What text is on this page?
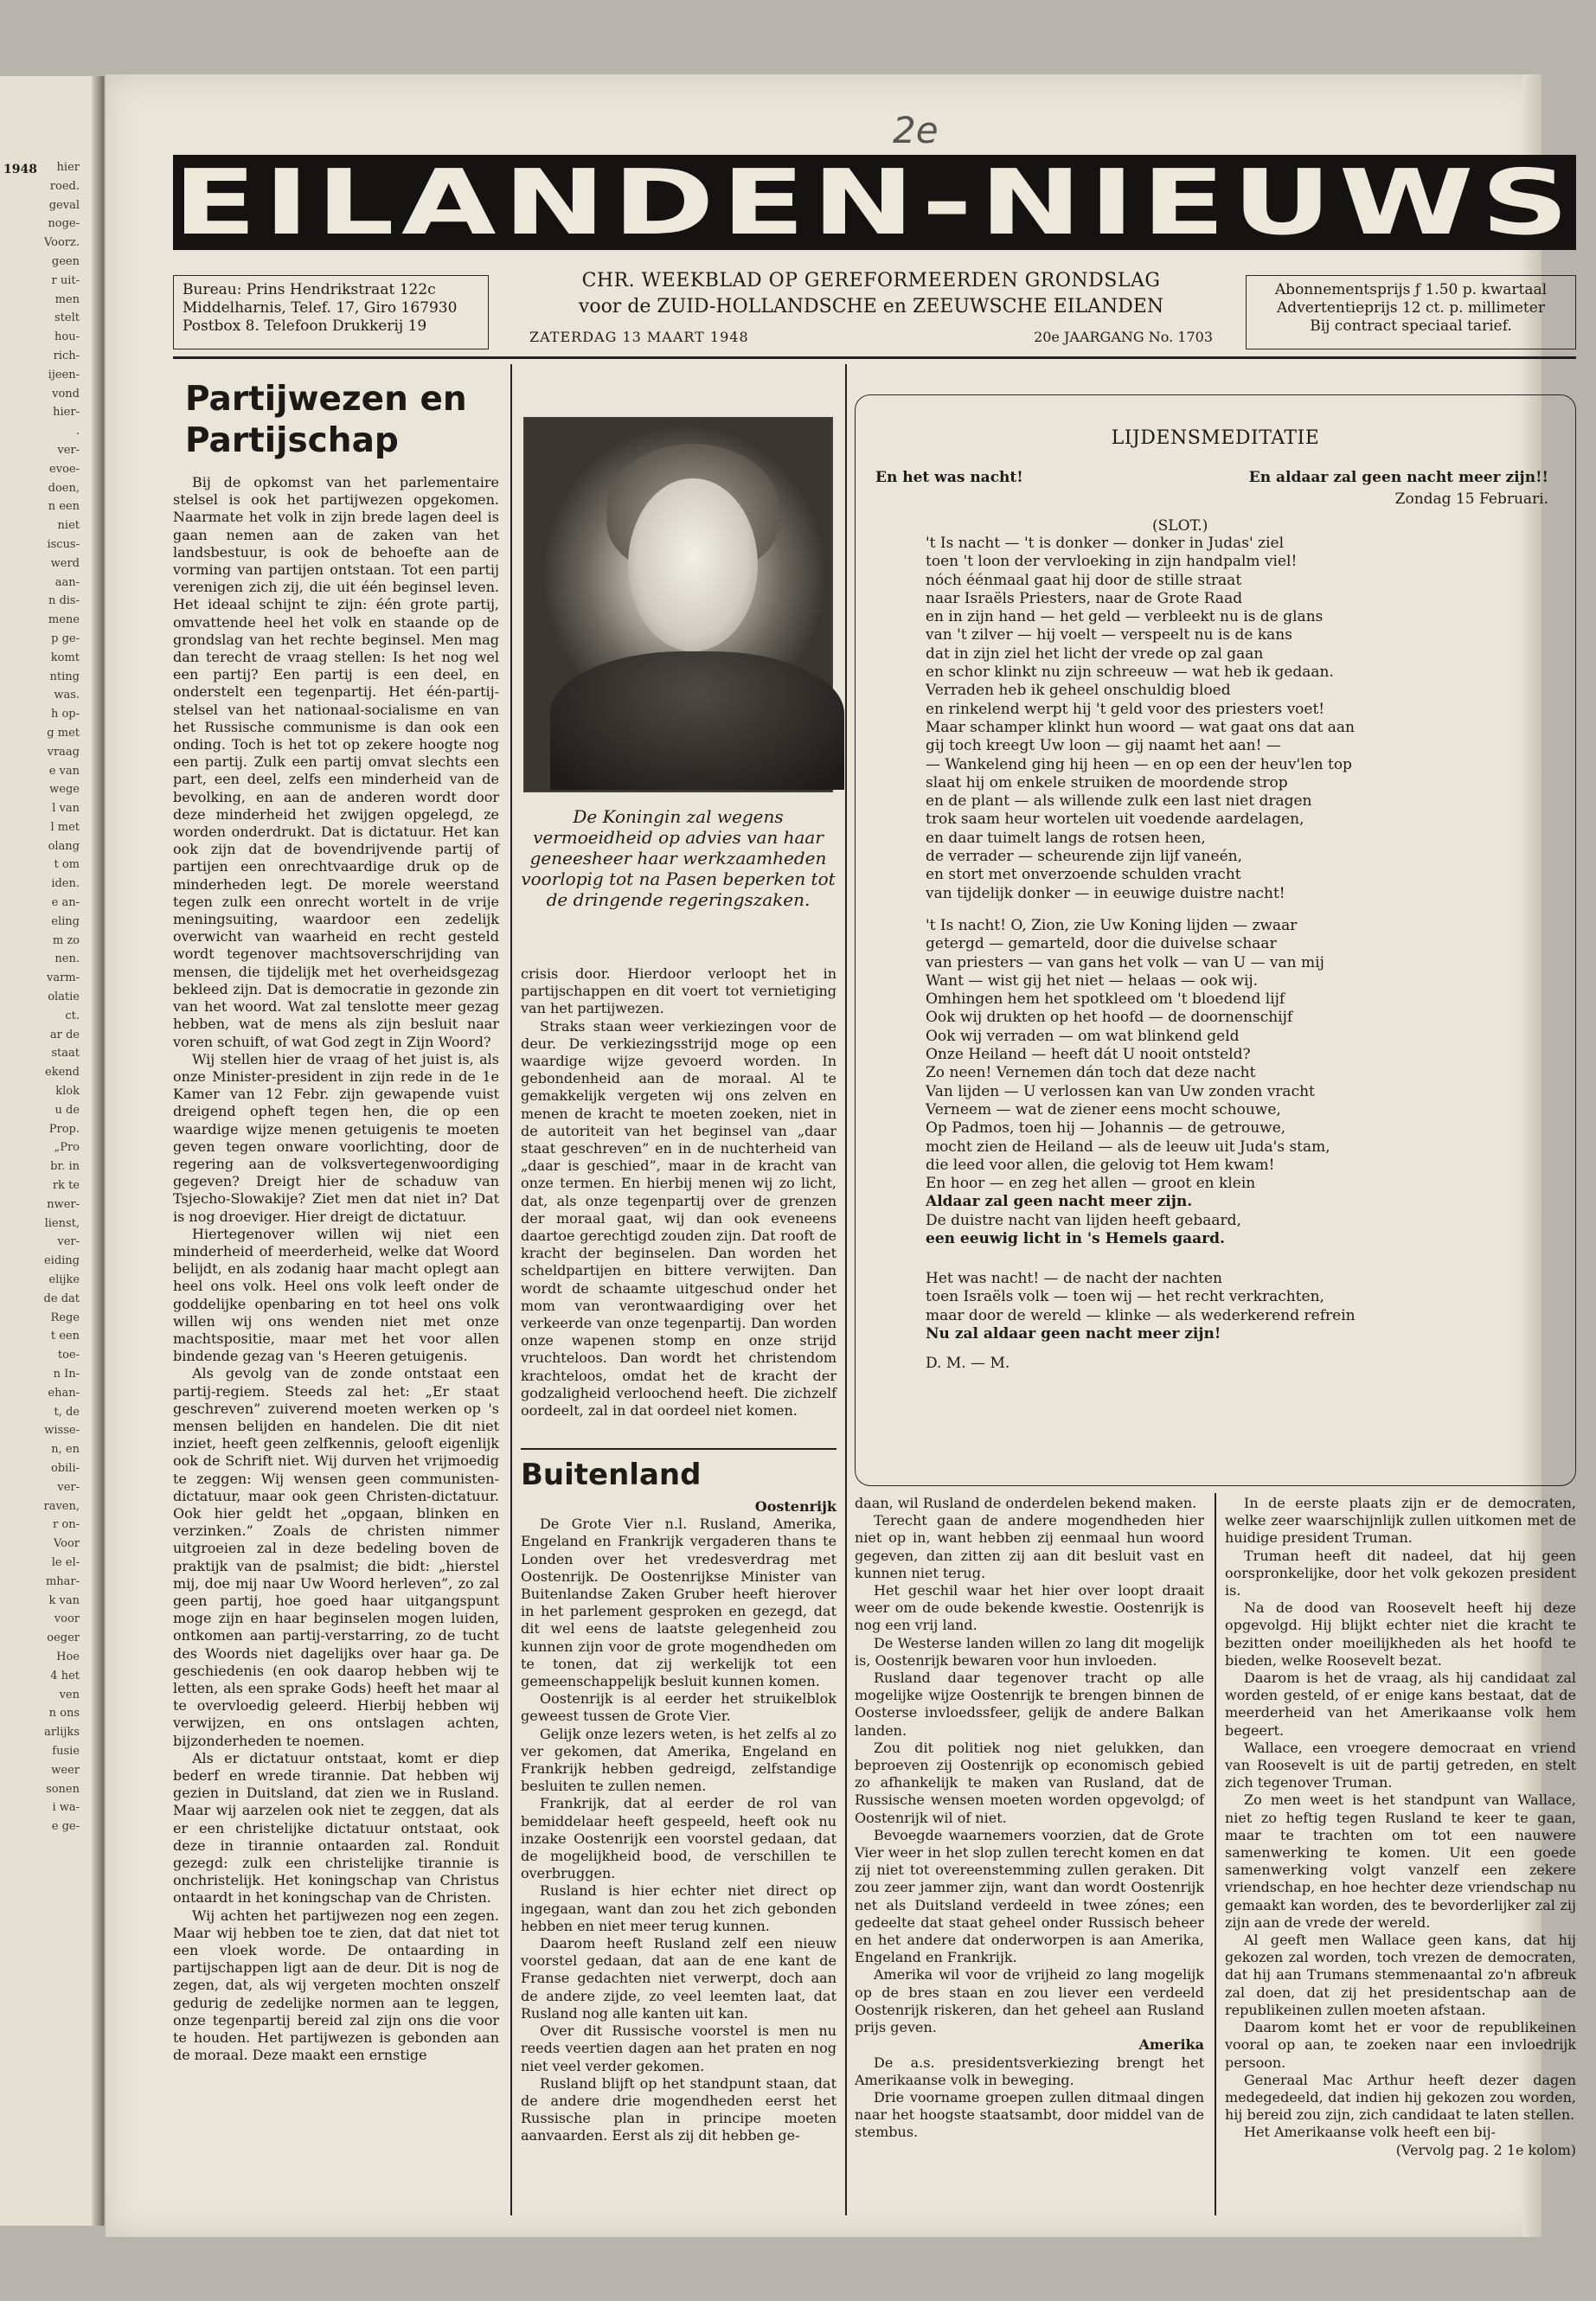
1948	hier
roed.
geval
noge-
Voorz.
geen
r uit-
men
stelt
hou-
rich-
ijeen-
vond
hier-
.
ver-
evoe-
doen,
n een
niet
iscus-
werd
aan-
n dis-
mene
p ge-
komt
nting
was.
h op-
g met
vraag
e van
wege
l van
l met
olang
t om
iden.
e an-
eling
m zo
nen.
varm-
olatie
ct.
ar de
staat
ekend
klok
u de
Prop.
„Pro
br. in
rk te
nwer-
lienst,
ver-
eiding
elijke
de dat
Rege
t een
toe-
n In-
ehan-
t, de
wisse-
n, en
obili-
ver-
raven,
r on-
Voor
le el-
mhar-
k van
voor
oeger
Hoe
4 het
ven
n ons
arlijks
fusie
weer
sonen
i wa-
e ge-
2e
EILANDEN-NIEUWS
Bureau: Prins Hendrikstraat 122c
Middelharnis, Telef. 17, Giro 167930
Postbox 8. Telefoon Drukkerij 19
CHR. WEEKBLAD OP GEREFORMEERDEN GRONDSLAG
voor de ZUID-HOLLANDSCHE en ZEEUWSCHE EILANDEN
ZATERDAG 13 MAART 1948	20e JAARGANG No. 1703
Abonnementsprijs ƒ 1.50 p. kwartaal
Advertentieprijs 12 ct. p. millimeter
Bij contract speciaal tarief.
Partijwezen en
Partijschap

Bij de opkomst van het parlementaire stelsel is ook het partijwezen opgekomen. Naarmate het volk in zijn brede lagen deel is gaan nemen aan de zaken van het landsbestuur, is ook de behoefte aan de vorming van partijen ontstaan. Tot een partij verenigen zich zij, die uit één beginsel leven. Het ideaal schijnt te zijn: één grote partij, omvattende heel het volk en staande op de grondslag van het rechte beginsel. Men mag dan terecht de vraag stellen: Is het nog wel een partij? Een partij is een deel, en onderstelt een tegenpartij. Het één-partij-stelsel van het nationaal-socialisme en van het Russische communisme is dan ook een onding. Toch is het tot op zekere hoogte nog een partij. Zulk een partij omvat slechts een part, een deel, zelfs een minderheid van de bevolking, en aan de anderen wordt door deze minderheid het zwijgen opgelegd, ze worden onderdrukt. Dat is dictatuur. Het kan ook zijn dat de bovendrijvende partij of partijen een onrechtvaardige druk op de minderheden legt. De morele weerstand tegen zulk een onrecht wortelt in de vrije meningsuiting, waardoor een zedelijk overwicht van waarheid en recht gesteld wordt tegenover machtsoverschrijding van mensen, die tijdelijk met het overheidsgezag bekleed zijn. Dat is democratie in gezonde zin van het woord. Wat zal tenslotte meer gezag hebben, wat de mens als zijn besluit naar voren schuift, of wat God zegt in Zijn Woord?

Wij stellen hier de vraag of het juist is, als onze Minister-president in zijn rede in de 1e Kamer van 12 Febr. zijn gewapende vuist dreigend opheft tegen hen, die op een waardige wijze menen getuigenis te moeten geven tegen onware voorlichting, door de regering aan de volksvertegenwoordiging gegeven? Dreigt hier de schaduw van Tsjecho-Slowakije? Ziet men dat niet in? Dat is nog droeviger. Hier dreigt de dictatuur.

Hiertegenover willen wij niet een minderheid of meerderheid, welke dat Woord belijdt, en als zodanig haar macht oplegt aan heel ons volk. Heel ons volk leeft onder de goddelijke openbaring en tot heel ons volk willen wij ons wenden niet met onze machtspositie, maar met het voor allen bindende gezag van 's Heeren getuigenis.

Als gevolg van de zonde ontstaat een partij-regiem. Steeds zal het: „Er staat geschreven” zuiverend moeten werken op 's mensen belijden en handelen. Die dit niet inziet, heeft geen zelfkennis, gelooft eigenlijk ook de Schrift niet. Wij durven het vrijmoedig te zeggen: Wij wensen geen communisten-dictatuur, maar ook geen Christen-dictatuur. Ook hier geldt het „opgaan, blinken en verzinken.” Zoals de christen nimmer uitgroeien zal in deze bedeling boven de praktijk van de psalmist; die bidt: „hierstel mij, doe mij naar Uw Woord herleven”, zo zal geen partij, hoe goed haar uitgangspunt moge zijn en haar beginselen mogen luiden, ontkomen aan partij-verstarring, zo de tucht des Woords niet dagelijks over haar ga. De geschiedenis (en ook daarop hebben wij te letten, als een sprake Gods) heeft het maar al te overvloedig geleerd. Hierbij hebben wij verwijzen, en ons ontslagen achten, bijzonderheden te noemen.

Als er dictatuur ontstaat, komt er diep bederf en wrede tirannie. Dat hebben wij gezien in Duitsland, dat zien we in Rusland. Maar wij aarzelen ook niet te zeggen, dat als er een christelijke dictatuur ontstaat, ook deze in tirannie ontaarden zal. Ronduit gezegd: zulk een christelijke tirannie is onchristelijk. Het koningschap van Christus ontaardt in het koningschap van de Christen.

Wij achten het partijwezen nog een zegen. Maar wij hebben toe te zien, dat dat niet tot een vloek worde. De ontaarding in partijschappen ligt aan de deur. Dit is nog de zegen, dat, als wij vergeten mochten onszelf gedurig de zedelijke normen aan te leggen, onze tegenpartij bereid zal zijn ons die voor te houden. Het partijwezen is gebonden aan de moraal. Deze maakt een ernstige

De Koningin zal wegens vermoeidheid op advies van haar geneesheer haar werkzaamheden voorlopig tot na Pasen beperken tot de dringende regeringszaken.

crisis door. Hierdoor verloopt het in partijschappen en dit voert tot vernietiging van het partijwezen.

Straks staan weer verkiezingen voor de deur. De verkiezingsstrijd moge op een waardige wijze gevoerd worden. In gebondenheid aan de moraal. Al te gemakkelijk vergeten wij ons zelven en menen de kracht te moeten zoeken, niet in de autoriteit van het beginsel van „daar staat geschreven” en in de nuchterheid van „daar is geschied”, maar in de kracht van onze termen. En hierbij menen wij zo licht, dat, als onze tegenpartij over de grenzen der moraal gaat, wij dan ook eveneens daartoe gerechtigd zouden zijn. Dat rooft de kracht der beginselen. Dan worden het scheldpartijen en bittere verwijten. Dan wordt de schaamte uitgeschud onder het mom van verontwaardiging over het verkeerde van onze tegenpartij. Dan worden onze wapenen stomp en onze strijd vruchteloos. Dan wordt het christendom krachteloos, omdat het de kracht der godzaligheid verloochend heeft. Die zichzelf oordeelt, zal in dat oordeel niet komen.

Buitenland

Oostenrijk

De Grote Vier n.l. Rusland, Amerika, Engeland en Frankrijk vergaderen thans te Londen over het vredesverdrag met Oostenrijk. De Oostenrijkse Minister van Buitenlandse Zaken Gruber heeft hierover in het parlement gesproken en gezegd, dat dit wel eens de laatste gelegenheid zou kunnen zijn voor de grote mogendheden om te tonen, dat zij werkelijk tot een gemeenschappelijk besluit kunnen komen.

Oostenrijk is al eerder het struikelblok geweest tussen de Grote Vier.

Gelijk onze lezers weten, is het zelfs al zo ver gekomen, dat Amerika, Engeland en Frankrijk hebben gedreigd, zelfstandige besluiten te zullen nemen.

Frankrijk, dat al eerder de rol van bemiddelaar heeft gespeeld, heeft ook nu inzake Oostenrijk een voorstel gedaan, dat de mogelijkheid bood, de verschillen te overbruggen.

Rusland is hier echter niet direct op ingegaan, want dan zou het zich gebonden hebben en niet meer terug kunnen.

Daarom heeft Rusland zelf een nieuw voorstel gedaan, dat aan de ene kant de Franse gedachten niet verwerpt, doch aan de andere zijde, zo veel leemten laat, dat Rusland nog alle kanten uit kan.

Over dit Russische voorstel is men nu reeds veertien dagen aan het praten en nog niet veel verder gekomen.

Rusland blijft op het standpunt staan, dat de andere drie mogendheden eerst het Russische plan in principe moeten aanvaarden. Eerst als zij dit hebben ge-

LIJDENSMEDITATIE
En het was nacht!	En aldaar zal geen nacht meer zijn!!
Zondag 15 Februari.
(SLOT.)
't Is nacht — 't is donker — donker in Judas' ziel
toen 't loon der vervloeking in zijn handpalm viel!
nóch éénmaal gaat hij door de stille straat
naar Israëls Priesters, naar de Grote Raad
en in zijn hand — het geld — verbleekt nu is de glans
van 't zilver — hij voelt — verspeelt nu is de kans
dat in zijn ziel het licht der vrede op zal gaan
en schor klinkt nu zijn schreeuw — wat heb ik gedaan.
Verraden heb ik geheel onschuldig bloed
en rinkelend werpt hij 't geld voor des priesters voet!
Maar schamper klinkt hun woord — wat gaat ons dat aan
gij toch kreegt Uw loon — gij naamt het aan! —
— Wankelend ging hij heen — en op een der heuv'len top
slaat hij om enkele struiken de moordende strop
en de plant — als willende zulk een last niet dragen
trok saam heur wortelen uit voedende aardelagen,
en daar tuimelt langs de rotsen heen,
de verrader — scheurende zijn lijf vaneén,
en stort met onverzoende schulden vracht
van tijdelijk donker — in eeuwige duistre nacht!
't Is nacht! O, Zion, zie Uw Koning lijden — zwaar
getergd — gemarteld, door die duivelse schaar
van priesters — van gans het volk — van U — van mij
Want — wist gij het niet — helaas — ook wij.
Omhingen hem het spotkleed om 't bloedend lijf
Ook wij drukten op het hoofd — de doornenschijf
Ook wij verraden — om wat blinkend geld
Onze Heiland — heeft dát U nooit ontsteld?
Zo neen! Vernemen dán toch dat deze nacht
Van lijden — U verlossen kan van Uw zonden vracht
Verneem — wat de ziener eens mocht schouwe,
Op Padmos, toen hij — Johannis — de getrouwe,
mocht zien de Heiland — als de leeuw uit Juda's stam,
die leed voor allen, die gelovig tot Hem kwam!
En hoor — en zeg het allen — groot en klein
Aldaar zal geen nacht meer zijn.
De duistre nacht van lijden heeft gebaard,
een eeuwig licht in 's Hemels gaard.
Het was nacht! — de nacht der nachten
toen Israëls volk — toen wij — het recht verkrachten,
maar door de wereld — klinke — als wederkerend refrein
Nu zal aldaar geen nacht meer zijn!
D. M. — M.

daan, wil Rusland de onderdelen bekend maken.

Terecht gaan de andere mogendheden hier niet op in, want hebben zij eenmaal hun woord gegeven, dan zitten zij aan dit besluit vast en kunnen niet terug.

Het geschil waar het hier over loopt draait weer om de oude bekende kwestie. Oostenrijk is nog een vrij land.

De Westerse landen willen zo lang dit mogelijk is, Oostenrijk bewaren voor hun invloeden.

Rusland daar tegenover tracht op alle mogelijke wijze Oostenrijk te brengen binnen de Oosterse invloedssfeer, gelijk de andere Balkan landen.

Zou dit politiek nog niet gelukken, dan beproeven zij Oostenrijk op economisch gebied zo afhankelijk te maken van Rusland, dat de Russische wensen moeten worden opgevolgd; of Oostenrijk wil of niet.

Bevoegde waarnemers voorzien, dat de Grote Vier weer in het slop zullen terecht komen en dat zij niet tot overeenstemming zullen geraken. Dit zou zeer jammer zijn, want dan wordt Oostenrijk net als Duitsland verdeeld in twee zónes; een gedeelte dat staat geheel onder Russisch beheer en het andere dat onderworpen is aan Amerika, Engeland en Frankrijk.

Amerika wil voor de vrijheid zo lang mogelijk op de bres staan en zou liever een verdeeld Oostenrijk riskeren, dan het geheel aan Rusland prijs geven.

Amerika

De a.s. presidentsverkiezing brengt het Amerikaanse volk in beweging.

Drie voorname groepen zullen ditmaal dingen naar het hoogste staatsambt, door middel van de stembus.

In de eerste plaats zijn er de democraten, welke zeer waarschijnlijk zullen uitkomen met de huidige president Truman.

Truman heeft dit nadeel, dat hij geen oorspronkelijke, door het volk gekozen president is.

Na de dood van Roosevelt heeft hij deze opgevolgd. Hij blijkt echter niet die kracht te bezitten onder moeilijkheden als het hoofd te bieden, welke Roosevelt bezat.

Daarom is het de vraag, als hij candidaat zal worden gesteld, of er enige kans bestaat, dat de meerderheid van het Amerikaanse volk hem begeert.

Wallace, een vroegere democraat en vriend van Roosevelt is uit de partij getreden, en stelt zich tegenover Truman.

Zo men weet is het standpunt van Wallace, niet zo heftig tegen Rusland te keer te gaan, maar te trachten om tot een nauwere samenwerking te komen. Uit een goede samenwerking volgt vanzelf een zekere vriendschap, en hoe hechter deze vriendschap nu gemaakt kan worden, des te bevorderlijker zal zij zijn aan de vrede der wereld.

Al geeft men Wallace geen kans, dat hij gekozen zal worden, toch vrezen de democraten, dat hij aan Trumans stemmenaantal zo'n afbreuk zal doen, dat zij het presidentschap aan de republikeinen zullen moeten afstaan.

Daarom komt het er voor de republikeinen vooral op aan, te zoeken naar een invloedrijk persoon.

Generaal Mac Arthur heeft dezer dagen medegedeeld, dat indien hij gekozen zou worden, hij bereid zou zijn, zich candidaat te laten stellen.

Het Amerikaanse volk heeft een bij-

(Vervolg pag. 2 1e kolom)
